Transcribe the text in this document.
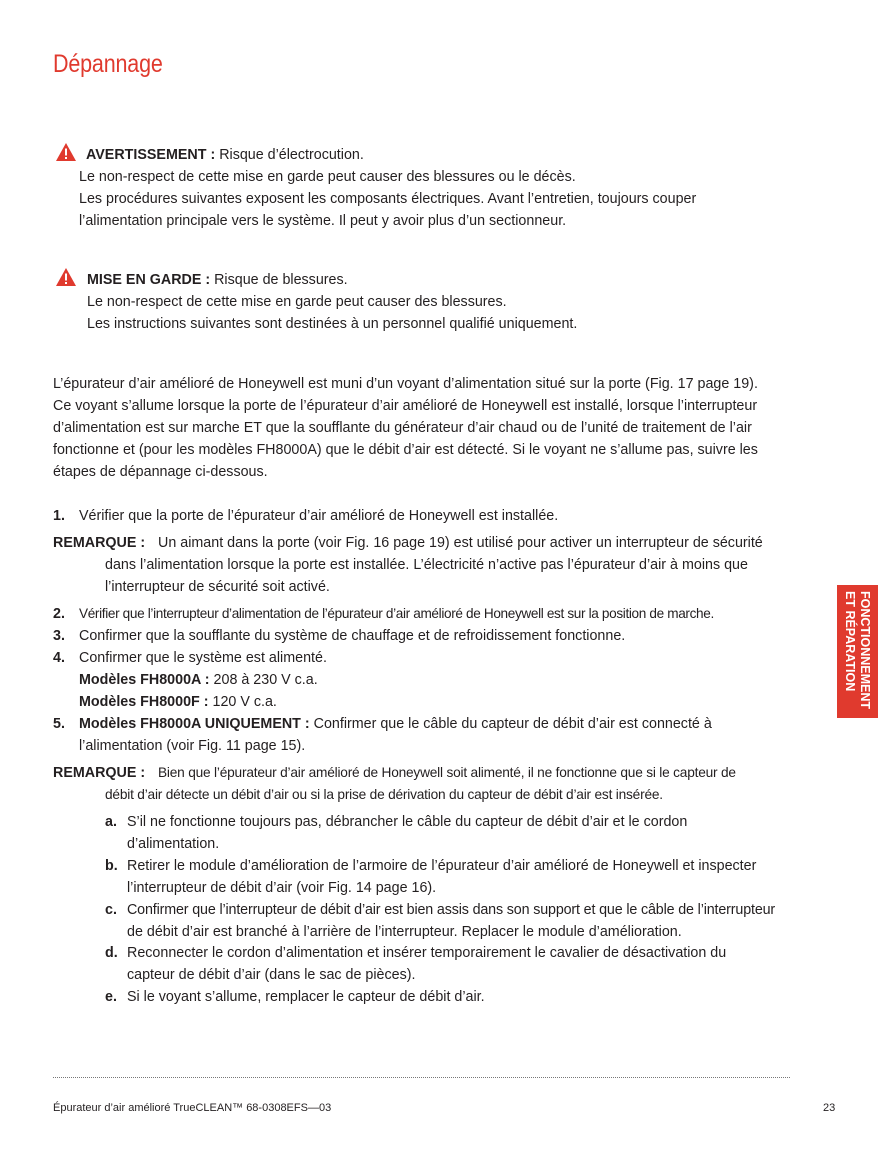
Dépannage
AVERTISSEMENT : Risque d’électrocution.
Le non-respect de cette mise en garde peut causer des blessures ou le décès.
Les procédures suivantes exposent les composants électriques. Avant l’entretien, toujours couper
l’alimentation principale vers le système. Il peut y avoir plus d’un sectionneur.
MISE EN GARDE : Risque de blessures.
Le non-respect de cette mise en garde peut causer des blessures.
Les instructions suivantes sont destinées à un personnel qualifié uniquement.
L’épurateur d’air amélioré de Honeywell est muni d’un voyant d’alimentation situé sur la porte (Fig. 17 page 19).
Ce voyant s’allume lorsque la porte de l’épurateur d’air amélioré de Honeywell est installé, lorsque l’interrupteur
d’alimentation est sur marche ET que la soufflante du générateur d’air chaud ou de l’unité de traitement de l’air
fonctionne et (pour les modèles FH8000A) que le débit d’air est détecté. Si le voyant ne s’allume pas, suivre les
étapes de dépannage ci-dessous.
1. Vérifier que la porte de l’épurateur d’air amélioré de Honeywell est installée.
REMARQUE : Un aimant dans la porte (voir Fig. 16 page 19) est utilisé pour activer un interrupteur de sécurité
dans l’alimentation lorsque la porte est installée. L’électricité n’active pas l’épurateur d’air à moins que
l’interrupteur de sécurité soit activé.
2. Vérifier que l’interrupteur d’alimentation de l’épurateur d’air amélioré de Honeywell est sur la position de marche.
3. Confirmer que la soufflante du système de chauffage et de refroidissement fonctionne.
4. Confirmer que le système est alimenté.
Modèles FH8000A : 208 à 230 V c.a.
Modèles FH8000F : 120 V c.a.
5. Modèles FH8000A UNIQUEMENT : Confirmer que le câble du capteur de débit d’air est connecté à
l’alimentation (voir Fig. 11 page 15).
REMARQUE : Bien que l’épurateur d’air amélioré de Honeywell soit alimenté, il ne fonctionne que si le capteur de
débit d’air détecte un débit d’air ou si la prise de dérivation du capteur de débit d’air est insérée.
a. S’il ne fonctionne toujours pas, débrancher le câble du capteur de débit d’air et le cordon
d’alimentation.
b. Retirer le module d’amélioration de l’armoire de l’épurateur d’air amélioré de Honeywell et inspecter
l’interrupteur de débit d’air (voir Fig. 14 page 16).
c. Confirmer que l’interrupteur de débit d’air est bien assis dans son support et que le câble de l’interrupteur
de débit d’air est branché à l’arrière de l’interrupteur. Replacer le module d’amélioration.
d. Reconnecter le cordon d’alimentation et insérer temporairement le cavalier de désactivation du
capteur de débit d’air (dans le sac de pièces).
e. Si le voyant s’allume, remplacer le capteur de débit d’air.
FONCTIONNEMENT
ET RÉPARATION
Épurateur d’air amélioré TrueCLEAN™ 68-0308EFS—03	23
